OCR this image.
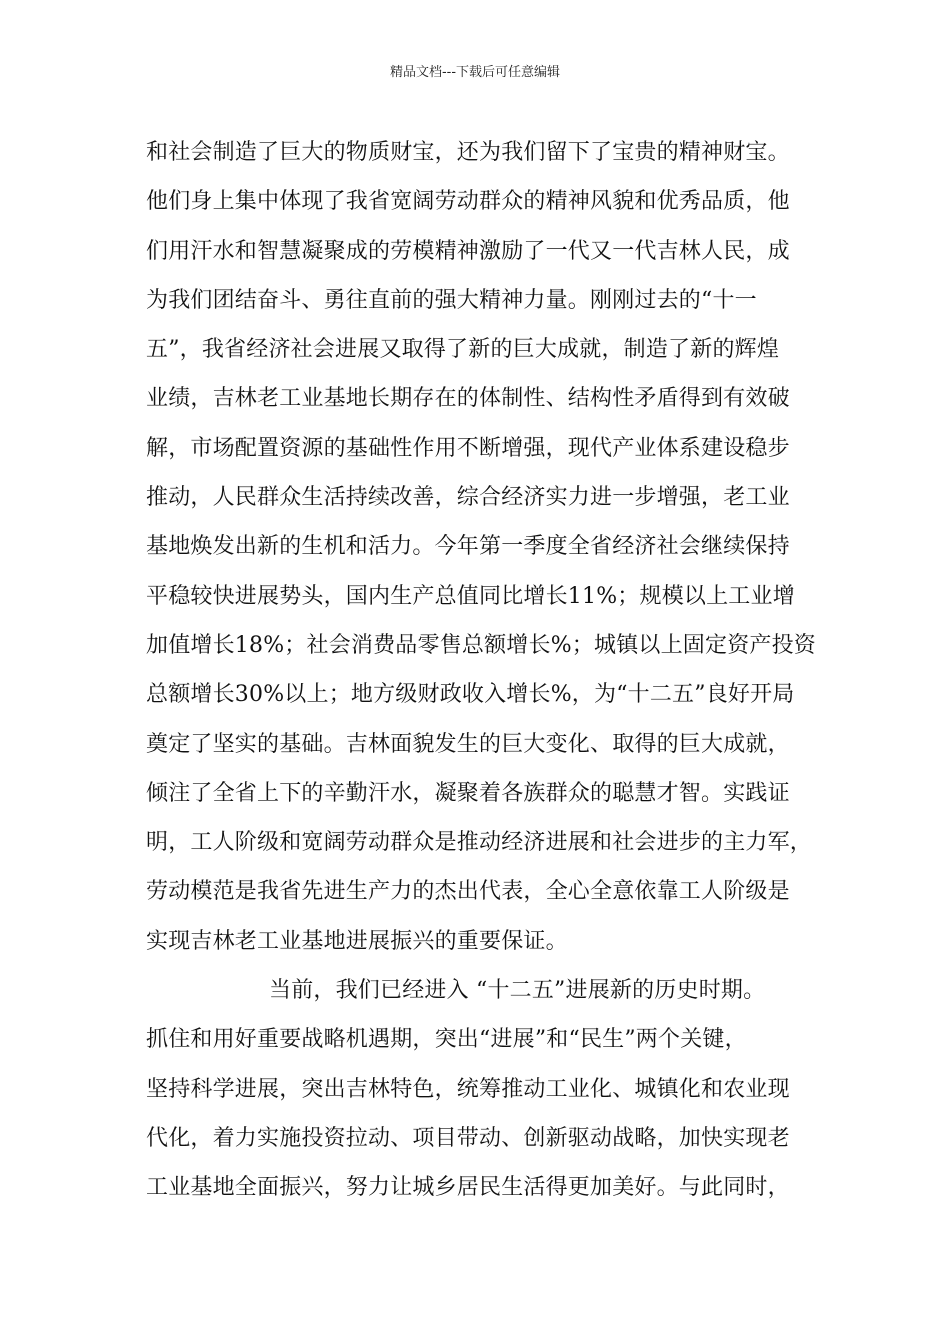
精品文档---下载后可任意编辑
和社会制造了巨大的物质财宝，还为我们留下了宝贵的精神财宝。
他们身上集中体现了我省宽阔劳动群众的精神风貌和优秀品质，他
们用汗水和智慧凝聚成的劳模精神激励了一代又一代吉林人民，成
为我们团结奋斗、勇往直前的强大精神力量。刚刚过去的“十一
五”，我省经济社会进展又取得了新的巨大成就，制造了新的辉煌
业绩，吉林老工业基地长期存在的体制性、结构性矛盾得到有效破
解，市场配置资源的基础性作用不断增强，现代产业体系建设稳步
推动，人民群众生活持续改善，综合经济实力进一步增强，老工业
基地焕发出新的生机和活力。今年第一季度全省经济社会继续保持
平稳较快进展势头，国内生产总值同比增长11%；规模以上工业增
加值增长18%；社会消费品零售总额增长%；城镇以上固定资产投资
总额增长30%以上；地方级财政收入增长%，为“十二五”良好开局
奠定了坚实的基础。吉林面貌发生的巨大变化、取得的巨大成就，
倾注了全省上下的辛勤汗水，凝聚着各族群众的聪慧才智。实践证
明，工人阶级和宽阔劳动群众是推动经济进展和社会进步的主力军，
劳动模范是我省先进生产力的杰出代表，全心全意依靠工人阶级是
实现吉林老工业基地进展振兴的重要保证。
当前，我们已经进入 “十二五”进展新的历史时期。
抓住和用好重要战略机遇期，突出“进展”和“民生”两个关键，
坚持科学进展，突出吉林特色，统筹推动工业化、城镇化和农业现
代化，着力实施投资拉动、项目带动、创新驱动战略，加快实现老
工业基地全面振兴，努力让城乡居民生活得更加美好。与此同时，
